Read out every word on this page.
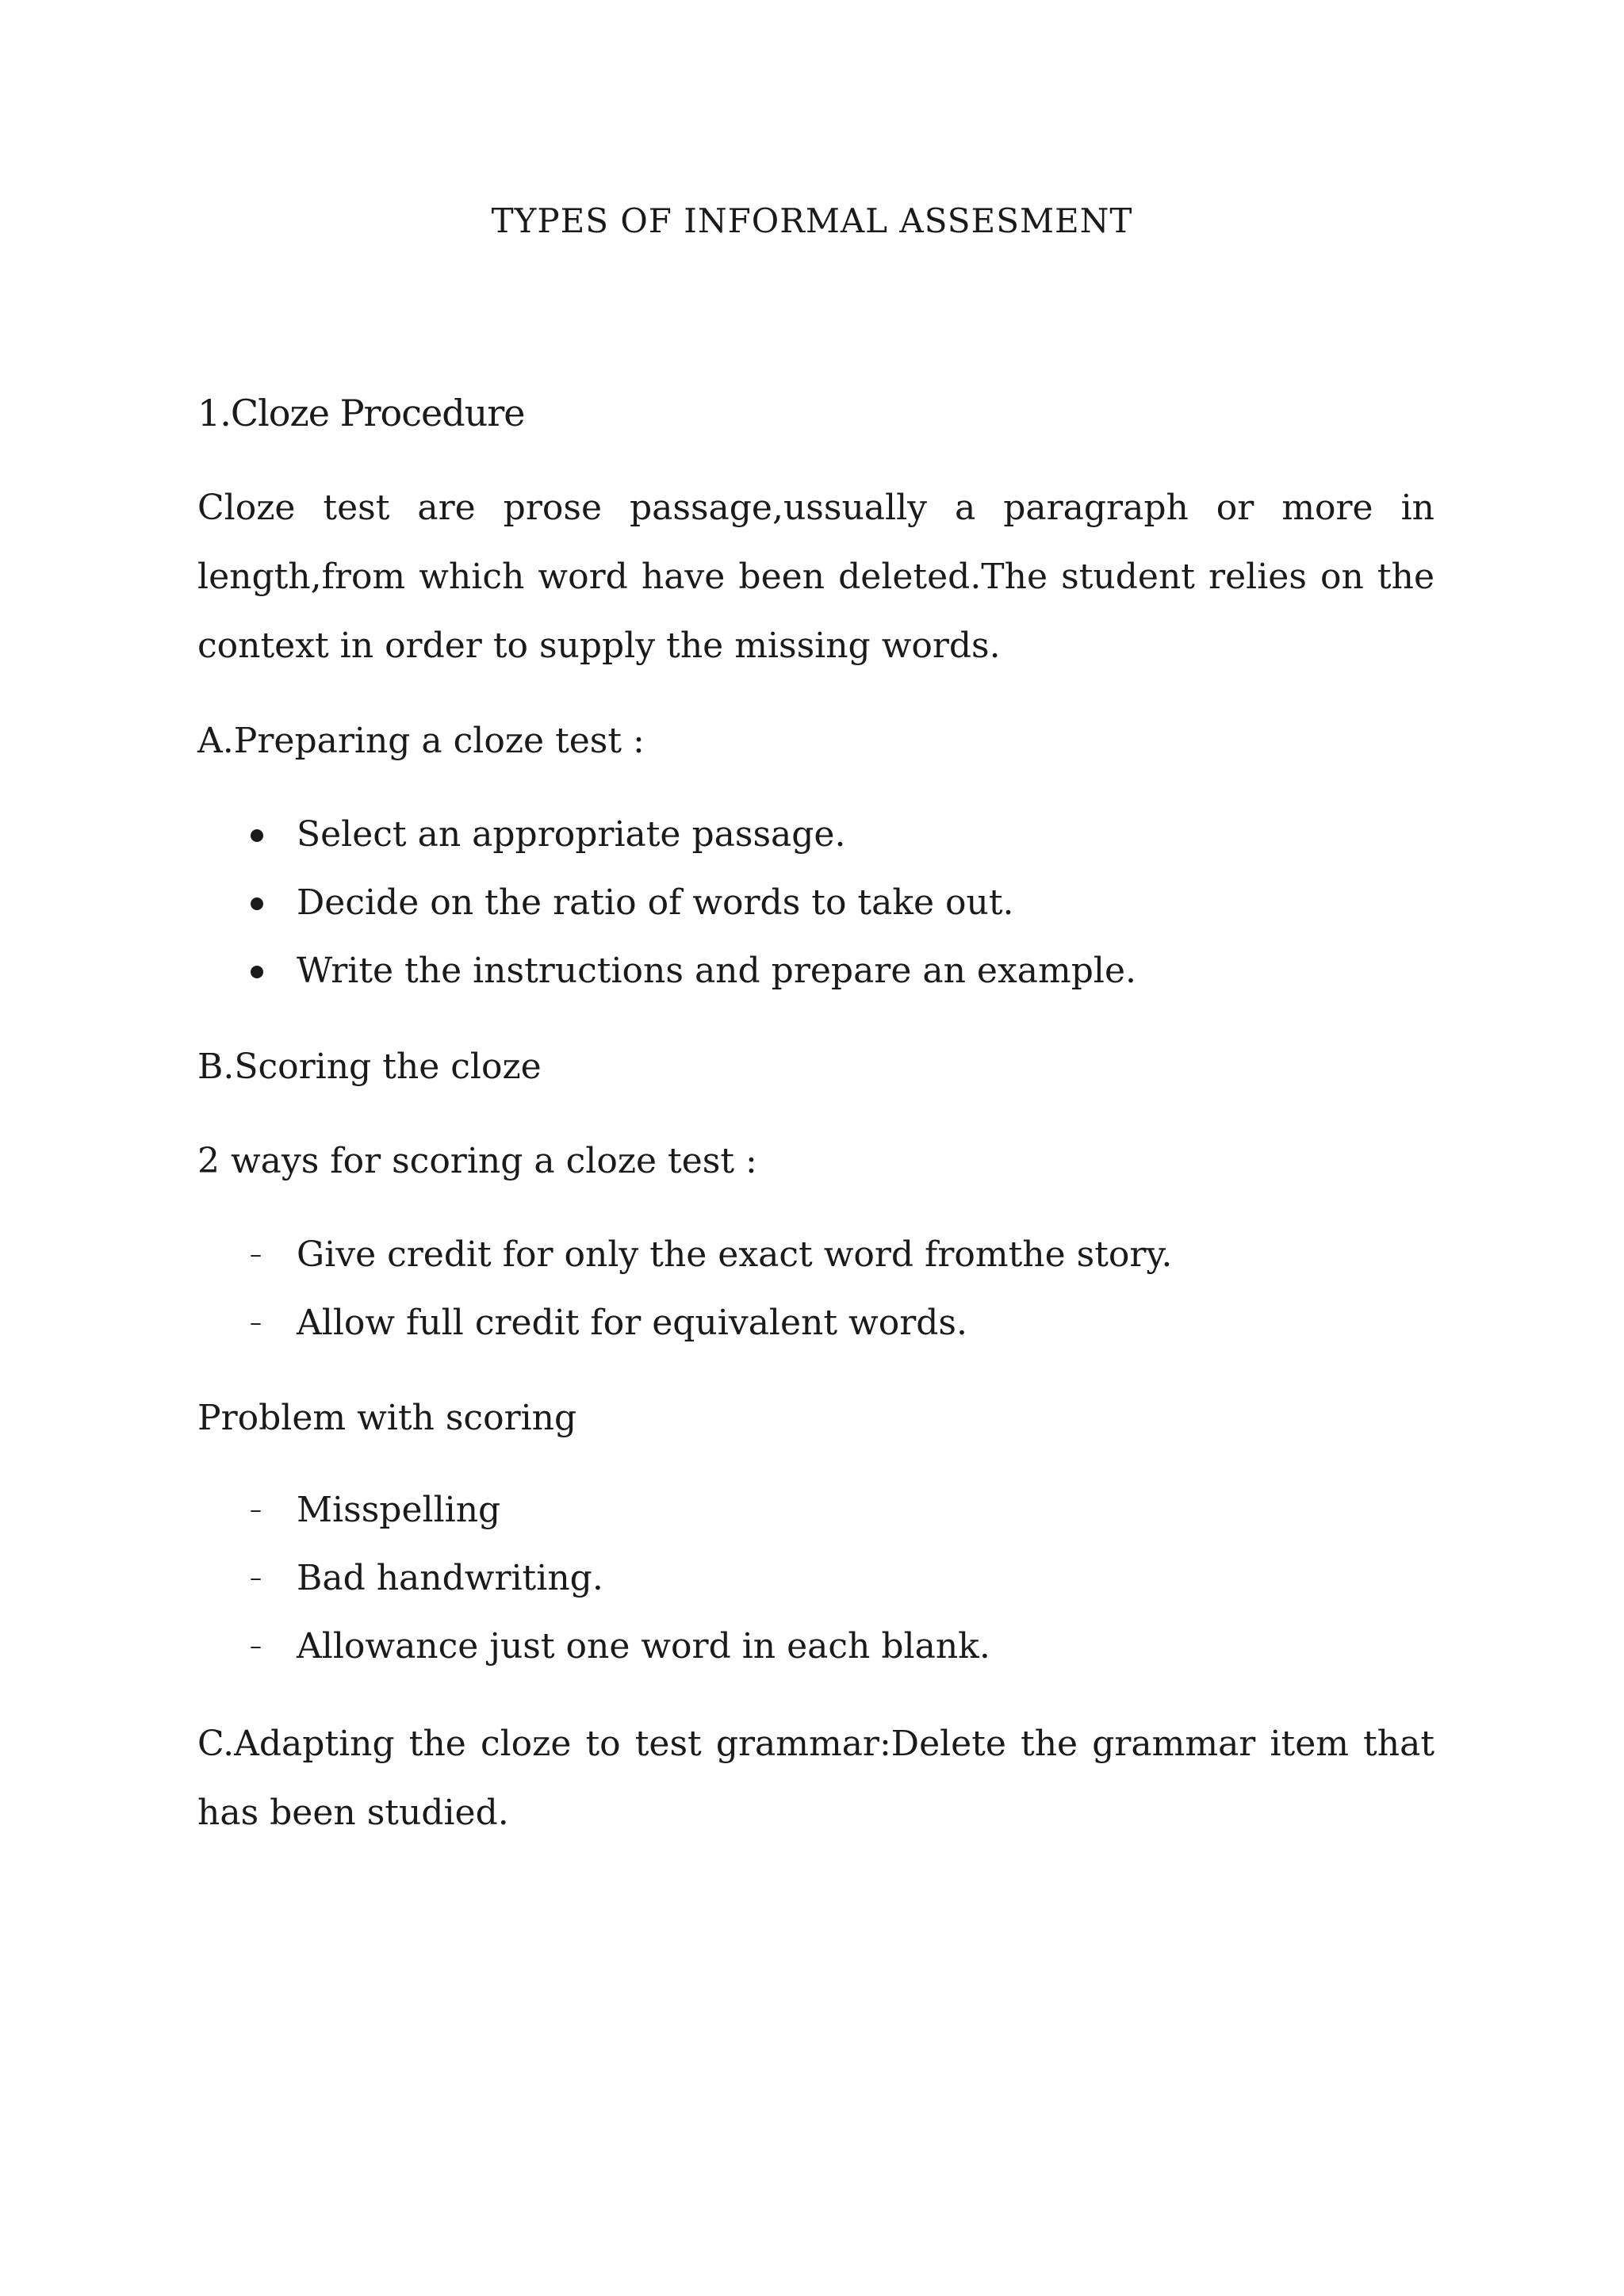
TYPES OF INFORMAL ASSESMENT
1.Cloze Procedure
Cloze test are prose passage,ussually a paragraph or more in length,from which word have been deleted.The student relies on the context in order to supply the missing words.
A.Preparing a cloze test :
Select an appropriate passage.
Decide on the ratio of words to take out.
Write the instructions and prepare an example.
B.Scoring the cloze
2 ways for scoring a cloze test :
– Give credit for only the exact word fromthe story.
– Allow full credit for equivalent words.
Problem with scoring
– Misspelling
– Bad handwriting.
– Allowance just one word in each blank.
C.Adapting the cloze to test grammar:Delete the grammar item that has been studied.
